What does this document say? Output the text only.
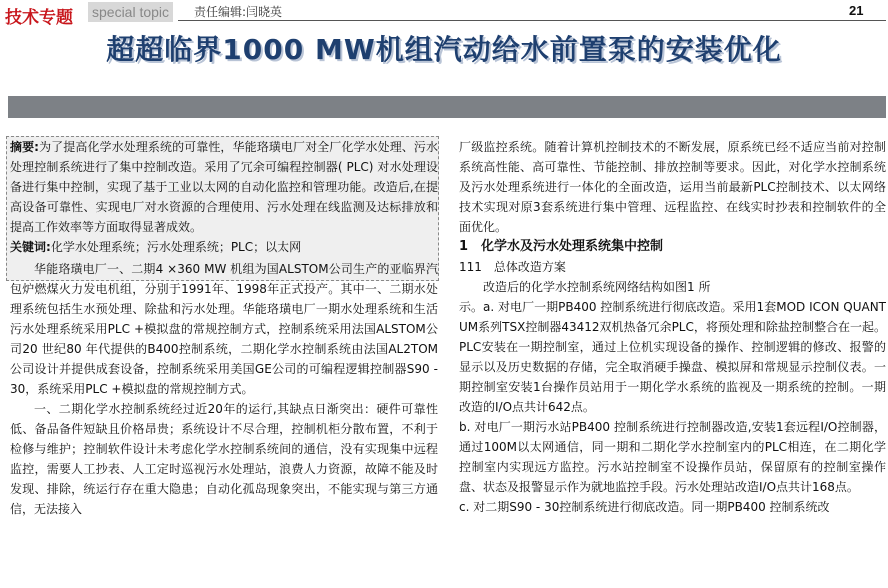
技术专题 special topic	责任编辑:闫晓英	21
超超临界1000 MW机组汽动给水前置泵的安装优化

摘要:为了提高化学水处理系统的可靠性，华能珞璜电厂对全厂化学水处理、污水处理控制系统进行了集中控制改造。采用了冗余可编程控制器( PLC) 对水处理设备进行集中控制，实现了基于工业以太网的自动化监控和管理功能。改造后,在提高设备可靠性、实现电厂对水资源的合理使用、污水处理在线监测及达标排放和提高工作效率等方面取得显著成效。

关键词:化学水处理系统；污水处理系统；PLC；以太网

华能珞璜电厂一、二期4 ×360 MW 机组为国ALSTOM公司生产的亚临界汽包炉燃煤火力发电机组，分别于1991年、1998年正式投产。其中一、二期水处理系统包括生水预处理、除盐和污水处理。华能珞璜电厂一期水处理系统和生活污水处理系统采用PLC +模拟盘的常规控制方式，控制系统采用法国ALSTOM公司20 世纪80 年代提供的B400控制系统，二期化学水控制系统由法国AL2TOM公司设计并提供成套设备，控制系统采用美国GE公司的可编程逻辑控制器S90 - 30，系统采用PLC +模拟盘的常规控制方式。

一、二期化学水控制系统经过近20年的运行,其缺点日渐突出：硬件可靠性低、备品备件短缺且价格昂贵；系统设计不尽合理，控制机柜分散布置，不利于检修与维护；控制软件设计未考虑化学水控制系统间的通信，没有实现集中远程监控，需要人工抄表、人工定时巡视污水处理站，浪费人力资源，故障不能及时发现、排除，统运行存在重大隐患；自动化孤岛现象突出，不能实现与第三方通信，无法接入

厂级监控系统。随着计算机控制技术的不断发展，原系统已经不适应当前对控制系统高性能、高可靠性、节能控制、排放控制等要求。因此，对化学水控制系统及污水处理系统进行一体化的全面改造，运用当前最新PLC控制技术、以太网络技术实现对原3套系统进行集中管理、远程监控、在线实时抄表和控制软件的全面优化。

1　化学水及污水处理系统集中控制

111　总体改造方案

改造后的化学水控制系统网络结构如图1 所

示。a. 对电厂一期PB400 控制系统进行彻底改造。采用1套MOD ICON QUANTUM系列TSX控制器43412双机热备冗余PLC，将预处理和除盐控制整合在一起。PLC安装在一期控制室，通过上位机实现设备的操作、控制逻辑的修改、报警的显示以及历史数据的存储，完全取消硬手操盘、模拟屏和常规显示控制仪表。一期控制室安装1台操作员站用于一期化学水系统的监视及一期系统的控制。一期改造的I/O点共计642点。

b. 对电厂一期污水站PB400 控制系统进行控制器改造,安装1套远程I/O控制器，通过100M以太网通信，同一期和二期化学水控制室内的PLC相连，在二期化学控制室内实现远方监控。污水站控制室不设操作员站，保留原有的控制室操作盘、状态及报警显示作为就地监控手段。污水处理站改造I/O点共计168点。

c. 对二期S90 - 30控制系统进行彻底改造。同一期PB400 控制系统改
